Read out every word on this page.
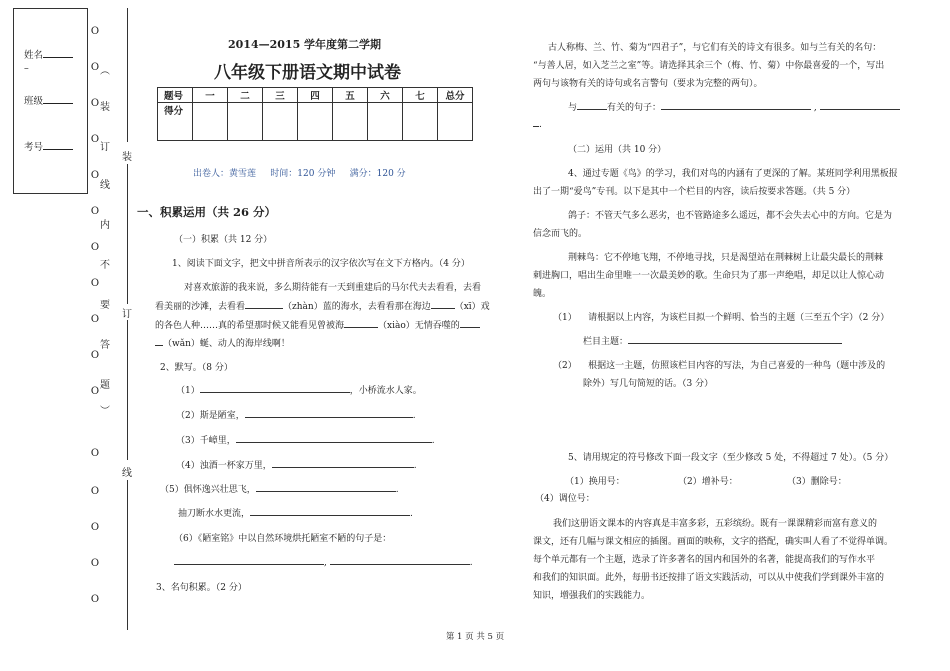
姓名
–
班级
考号
O
O ︵
O 装
O
订
O
线
O
内
O
不
O
要
O
答
O
题
O
︶
O
O
O
O
O
装
订
线
2014—2015 学年度第二学期
八年级下册语文期中试卷
题号	一	二	三	四	五	六	七	总分
得分								
出卷人：黄雪莲     时间：120 分钟     满分：120 分
一、积累运用（共 26 分）
（一）积累（共 12 分）
1、阅读下面文字，把文中拼音所表示的汉字依次写在文下方格内。（4 分）
对喜欢旅游的我来说，多么期待能有一天到重建后的马尔代夫去看看，去看
看美丽的沙滩，去看看	（zhàn）蓝的海水，去看看那在海边	（xī）戏
的各色人种……真的希望那时候又能看见曾被海	（xiào）无情吞噬的
（wǎn）蜒、动人的海岸线啊！
2、默写。（8 分）
（1）	，小桥流水人家。
（2）斯是陋室，	.
（3）千嶂里，	.
（4）浊酒一杯家万里，	.
（5）俱怀逸兴壮思飞，	.
抽刀断水水更流，	.
（6）《陋室铭》中以自然环境烘托陋室不陋的句子是：
,	.
3、名句积累。（2 分）
古人称梅、兰、竹、菊为“四君子”，与它们有关的诗文有很多。如与兰有关的名句：
“与善人居，如入芝兰之室”等。请选择其余三个（梅、竹、菊）中你最喜爱的一个，写出
两句与该物有关的诗句或名言警句（要求为完整的两句）。
与	有关的句子：	,
.
（二）运用（共 10 分）
4、通过专题《鸟》的学习，我们对鸟的内涵有了更深的了解。某班同学利用黑板报
出了一期“爱鸟”专刊。以下是其中一个栏目的内容，读后按要求答题。（共 5 分）
鸽子：不管天气多么恶劣，也不管路途多么遥远，都不会失去心中的方向。它是为
信念而飞的。
荆棘鸟：它不停地飞翔，不停地寻找，只是渴望站在荆棘树上让最尖最长的荆棘
刺进胸口，唱出生命里唯一一次最美妙的歌。生命只为了那一声绝唱，却足以让人惊心动
魄。
（1）    请根据以上内容，为该栏目拟一个鲜明、恰当的主题（三至五个字）（2 分）
栏目主题：
（2）    根据这一主题，仿照该栏目内容的写法，为自己喜爱的一种鸟（题中涉及的
除外）写几句简短的话。（3 分）
5、请用规定的符号修改下面一段文字（至少修改 5 处，不得超过 7 处）。（5 分）
（1）换用号：	（2）增补号：	（3）删除号：
（4）调位号：
我们这册语文课本的内容真是丰富多彩，五彩缤纷。既有一课课精彩而富有意义的
课文，还有几幅与课文相应的插图。画面的映称，文字的搭配，确实叫人看了不觉得单调。
每个单元都有一个主题，选录了许多著名的国内和国外的名著，能提高我们的写作水平
和我们的知识面。此外，每册书还按排了语文实践活动，可以从中使我们学到课外丰富的
知识，增强我们的实践能力。
第 1 页 共 5 页
